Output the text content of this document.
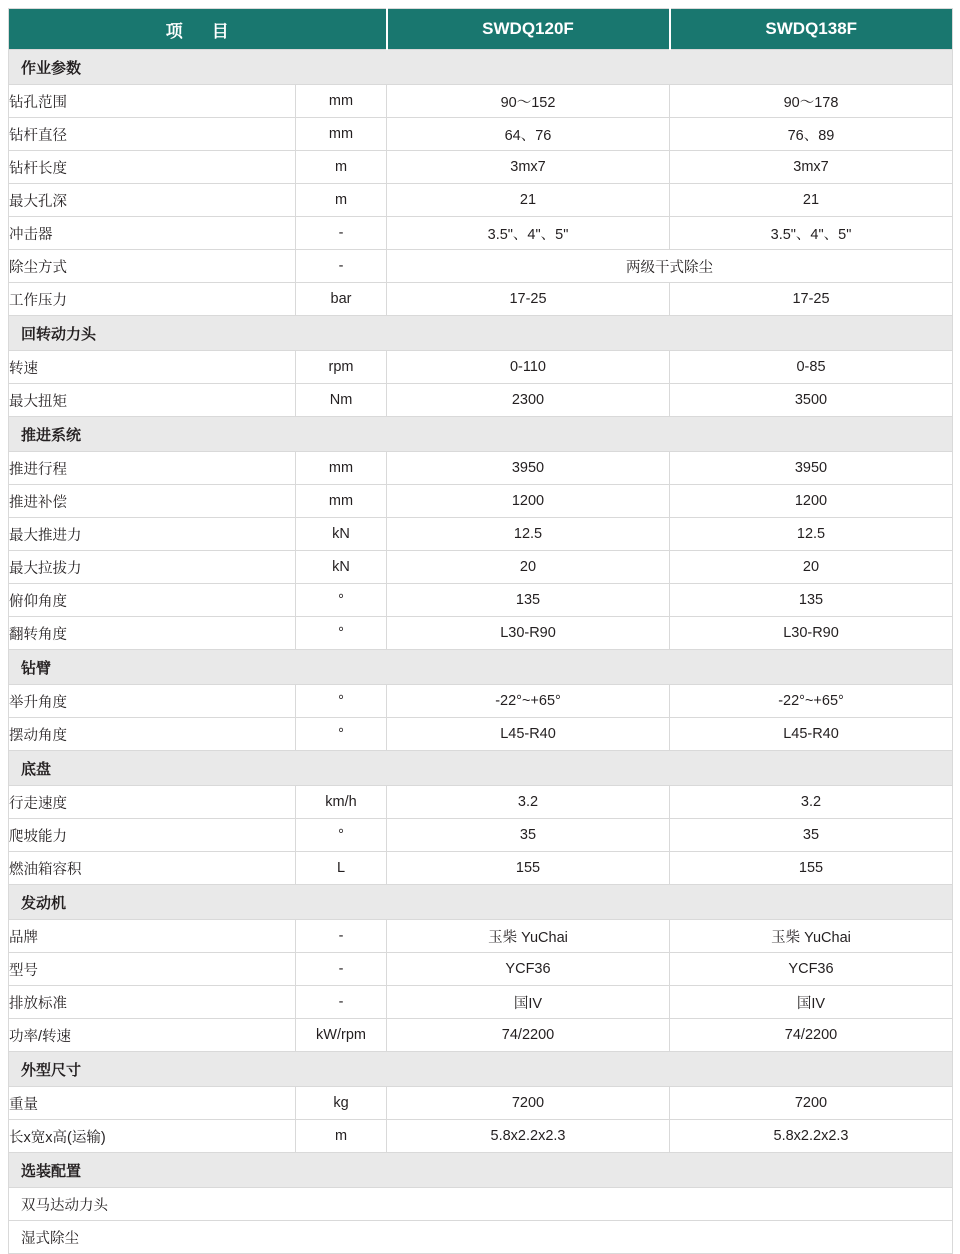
项　目		SWDQ120F	SWDQ138F
作业参数			
钻孔范围	mm	90〜152	90〜178
钻杆直径	mm	64、76	76、89
钻杆长度	m	3mx7	3mx7
最大孔深	m	21	21
冲击器	-	3.5"、4"、5"	3.5"、4"、5"
除尘方式	-	两级干式除尘	
工作压力	bar	17-25	17-25
回转动力头			
转速	rpm	0-110	0-85
最大扭矩	Nm	2300	3500
推进系统			
推进行程	mm	3950	3950
推进补偿	mm	1200	1200
最大推进力	kN	12.5	12.5
最大拉拔力	kN	20	20
俯仰角度	°	135	135
翻转角度	°	L30-R90	L30-R90
钻臂			
举升角度	°	-22°~+65°	-22°~+65°
摆动角度	°	L45-R40	L45-R40
底盘			
行走速度	km/h	3.2	3.2
爬坡能力	°	35	35
燃油箱容积	L	155	155
发动机			
品牌	-	玉柴 YuChai	玉柴 YuChai
型号	-	YCF36	YCF36
排放标准	-	国IV	国IV
功率/转速	kW/rpm	74/2200	74/2200
外型尺寸			
重量	kg	7200	7200
长x宽x高(运输)	m	5.8x2.2x2.3	5.8x2.2x2.3
选装配置			
双马达动力头			
湿式除尘			
